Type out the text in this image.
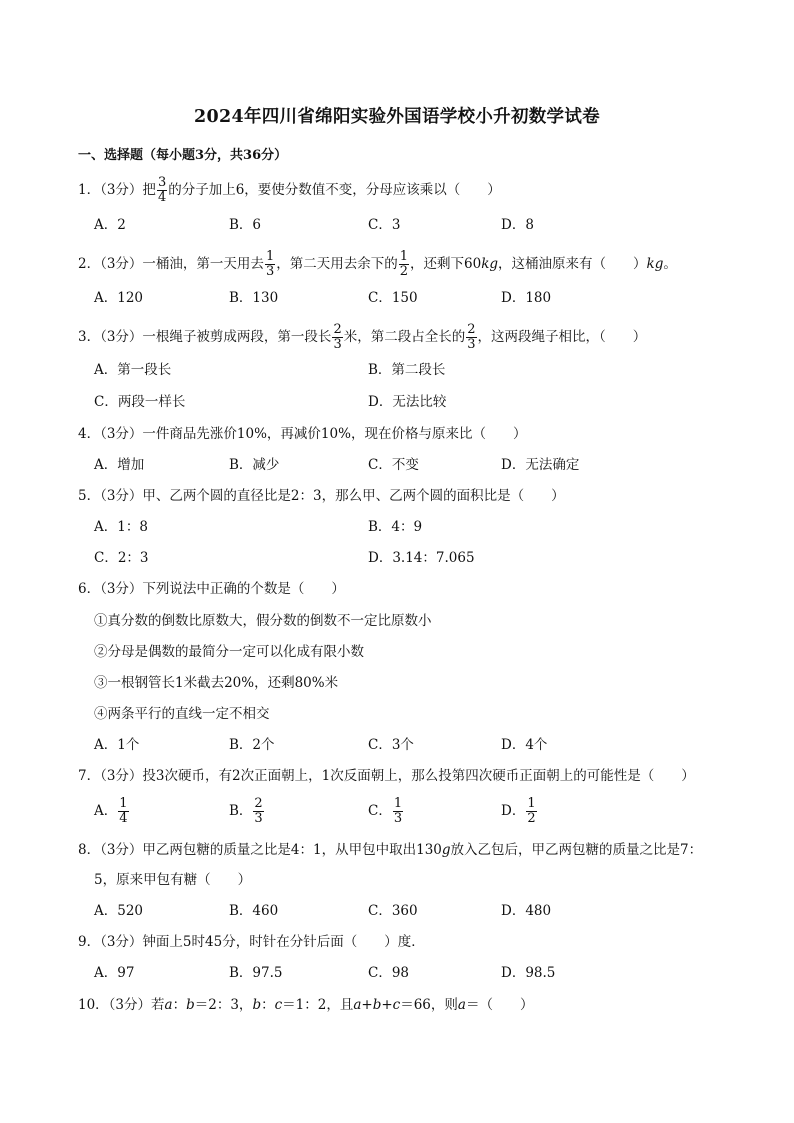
2024年四川省绵阳实验外国语学校小升初数学试卷
一、选择题（每小题3分，共36分）
1．（3分）把 $\frac{3}{4}$ 的分子加上6，要使分数值不变，分母应该乘以（　　）
A．2	B．6	C．3	D．8
2．（3分）一桶油，第一天用去 $\frac{1}{3}$ ，第二天用去余下的 $\frac{1}{2}$ ，还剩下60kg，这桶油原来有（　　）kg。
A．120	B．130	C．150	D．180
3．（3分）一根绳子被剪成两段，第一段长 $\frac{2}{3}$ 米，第二段占全长的 $\frac{2}{3}$ ，这两段绳子相比，（　　）
A．第一段长	B．第二段长
C．两段一样长	D．无法比较
4．（3分）一件商品先涨价10%，再减价10%，现在价格与原来比（　　）
A．增加	B．减少	C．不变	D．无法确定
5．（3分）甲、乙两个圆的直径比是2：3，那么甲、乙两个圆的面积比是（　　）
A．1：8	B．4：9
C．2：3	D．3.14：7.065
6．（3分）下列说法中正确的个数是（　　）
①真分数的倒数比原数大，假分数的倒数不一定比原数小
②分母是偶数的最简分一定可以化成有限小数
③一根钢管长1米截去20%，还剩80%米
④两条平行的直线一定不相交
A．1个	B．2个	C．3个	D．4个
7．（3分）投3次硬币，有2次正面朝上，1次反面朝上，那么投第四次硬币正面朝上的可能性是（　　）
A． $\frac{1}{4}$	B． $\frac{2}{3}$	C． $\frac{1}{3}$	D． $\frac{1}{2}$
8．（3分）甲乙两包糖的质量之比是4：1，从甲包中取出130g放入乙包后，甲乙两包糖的质量之比是7：
5，原来甲包有糖（　　）
A．520	B．460	C．360	D．480
9．（3分）钟面上5时45分，时针在分针后面（　　）度．
A．97	B．97.5	C．98	D．98.5
10．（3分）若a：b＝2：3，b：c＝1：2，且a+b+c＝66，则a＝（　　）
